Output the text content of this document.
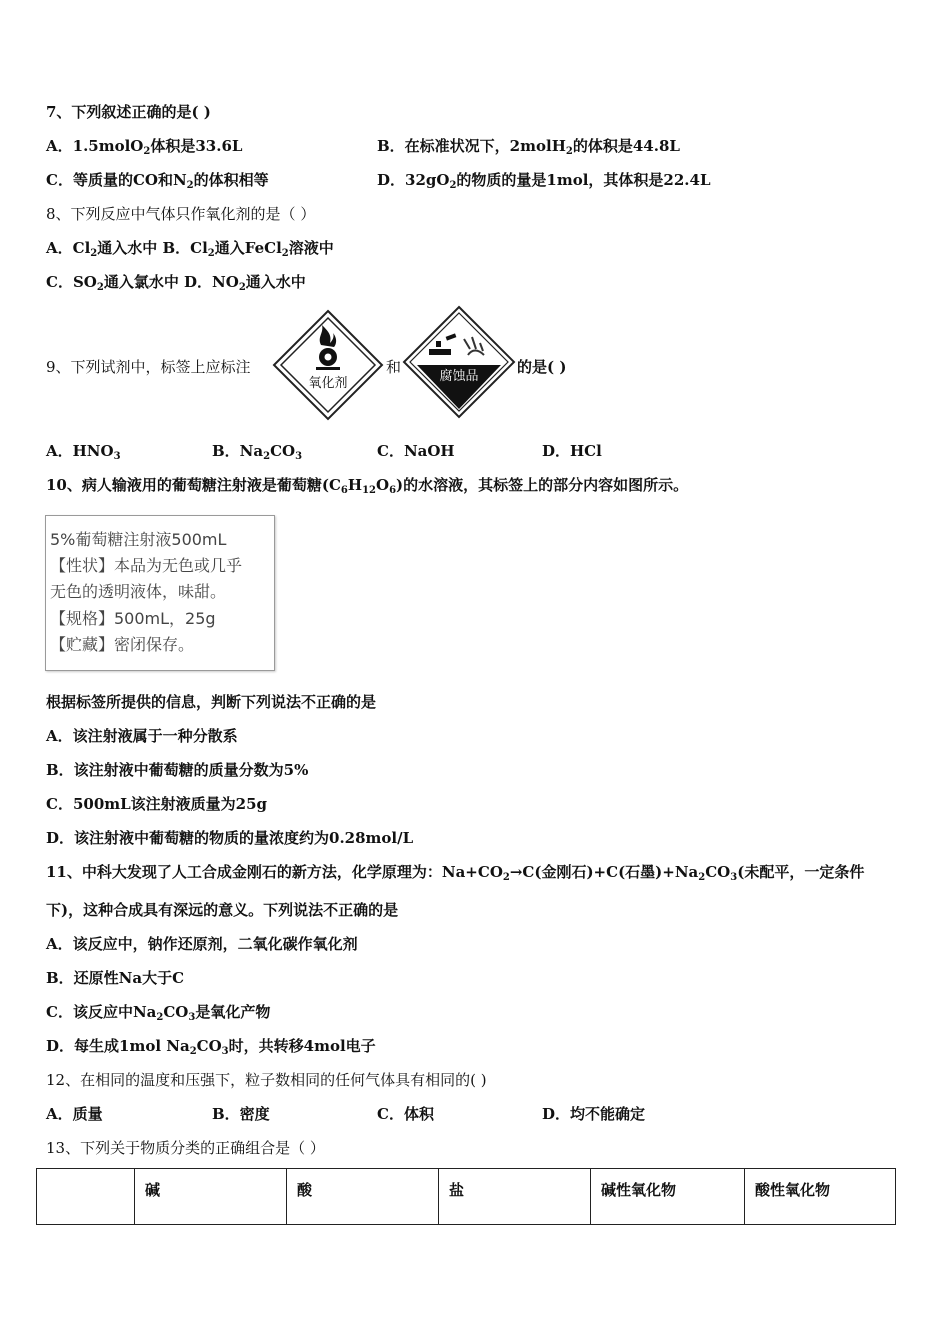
7、下列叙述正确的是( )
A．1.5molO$_2$体积是33.6L	B．在标准状况下，2molH$_2$的体积是44.8L
C．等质量的CO和$N_2$的体积相等	D．$32gO_2$的物质的量是1mol，其体积是22.4L
8、下列反应中气体只作氧化剂的是（ ）
A．$Cl_2$通入水中 B．$Cl_2$通入FeCl$_2$溶液中
C．$SO_2$通入氯水中 D．$NO_2$通入水中
9、下列试剂中，标签上应标注
氧化剂
和
腐蚀品
的是( )
A．$HNO_3$	B．$Na_2CO_3$	C．NaOH	D．HCl
10、病人输液用的葡萄糖注射液是葡萄糖$(C_6H_{12}O_6)$的水溶液，其标签上的部分内容如图所示。
5%葡萄糖注射液500mL
【性状】本品为无色或几乎
无色的透明液体，味甜。
【规格】500mL，25g
【贮藏】密闭保存。
根据标签所提供的信息，判断下列说法不正确的是
A．该注射液属于一种分散系
B．该注射液中葡萄糖的质量分数为5%
C．500mL该注射液质量为25g
D．该注射液中葡萄糖的物质的量浓度约为0.28mol/L
11、中科大发现了人工合成金刚石的新方法，化学原理为：$Na+CO_2\to C$(金刚石)+C(石墨)$+Na_2CO_3$(未配平，一定条件
下)，这种合成具有深远的意义。下列说法不正确的是
A．该反应中，钠作还原剂，二氧化碳作氧化剂
B．还原性Na大于C
C．该反应中$Na_2CO_3$是氧化产物
D．每生成1mol $Na_2CO_3$时，共转移4mol电子
12、在相同的温度和压强下，粒子数相同的任何气体具有相同的( )
A．质量	B．密度	C．体积	D．均不能确定
13、下列关于物质分类的正确组合是（ ）
	碱	酸	盐	碱性氧化物	酸性氧化物
